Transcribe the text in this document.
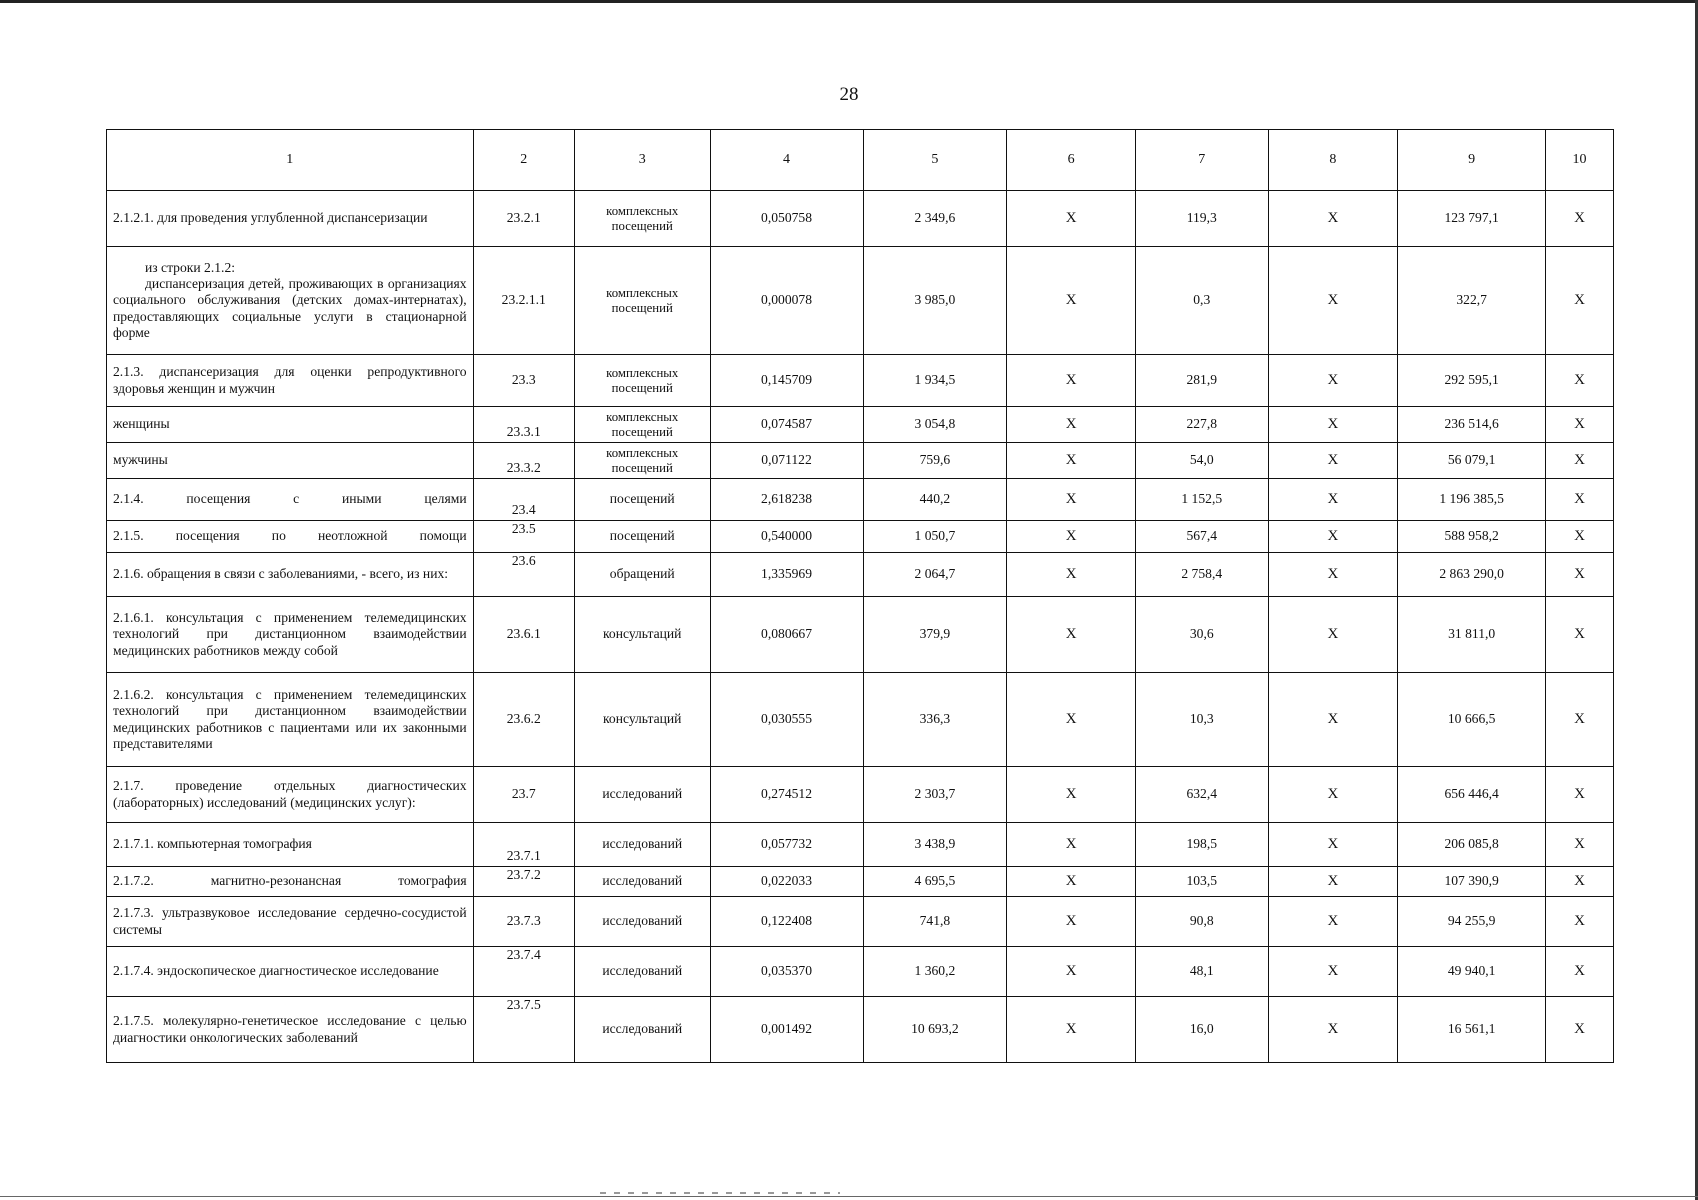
28
1	2	3	4	5	6	7	8	9	10
2.1.2.1. для проведения углубленной диспансеризации	23.2.1	комплексных посещений	0,050758	2 349,6	X	119,3	X	123 797,1	X

из строки 2.1.2:
диспансеризация детей, проживающих в организациях социального обслуживания (детских домах-интернатах), предоставляющих социальные услуги в стационарной форме	23.2.1.1	комплексных посещений	0,000078	3 985,0	X	0,3	X	322,7	X
2.1.3. диспансеризация для оценки репродуктивного здоровья женщин и мужчин	23.3	комплексных посещений	0,145709	1 934,5	X	281,9	X	292 595,1	X
женщины	23.3.1	комплексных посещений	0,074587	3 054,8	X	227,8	X	236 514,6	X
мужчины	23.3.2	комплексных посещений	0,071122	759,6	X	54,0	X	56 079,1	X
2.1.4. посещения с иными целями	23.4	посещений	2,618238	440,2	X	1 152,5	X	1 196 385,5	X
2.1.5. посещения по неотложной помощи	23.5	посещений	0,540000	1 050,7	X	567,4	X	588 958,2	X
2.1.6. обращения в связи с заболеваниями, - всего, из них:	23.6	обращений	1,335969	2 064,7	X	2 758,4	X	2 863 290,0	X
2.1.6.1. консультация с применением телемедицинских технологий при дистанционном взаимодействии медицинских работников между собой	23.6.1	консультаций	0,080667	379,9	X	30,6	X	31 811,0	X
2.1.6.2. консультация с применением телемедицинских технологий при дистанционном взаимодействии медицинских работников с пациентами или их законными представителями	23.6.2	консультаций	0,030555	336,3	X	10,3	X	10 666,5	X
2.1.7. проведение отдельных диагностических (лабораторных) исследований (медицинских услуг):	23.7	исследований	0,274512	2 303,7	X	632,4	X	656 446,4	X
2.1.7.1. компьютерная томография	23.7.1	исследований	0,057732	3 438,9	X	198,5	X	206 085,8	X
2.1.7.2. магнитно-резонансная томография	23.7.2	исследований	0,022033	4 695,5	X	103,5	X	107 390,9	X
2.1.7.3. ультразвуковое исследование сердечно-сосудистой системы	23.7.3	исследований	0,122408	741,8	X	90,8	X	94 255,9	X
2.1.7.4. эндоскопическое диагностическое исследование	23.7.4	исследований	0,035370	1 360,2	X	48,1	X	49 940,1	X
2.1.7.5. молекулярно-генетическое исследование с целью диагностики онкологических заболеваний	23.7.5	исследований	0,001492	10 693,2	X	16,0	X	16 561,1	X
